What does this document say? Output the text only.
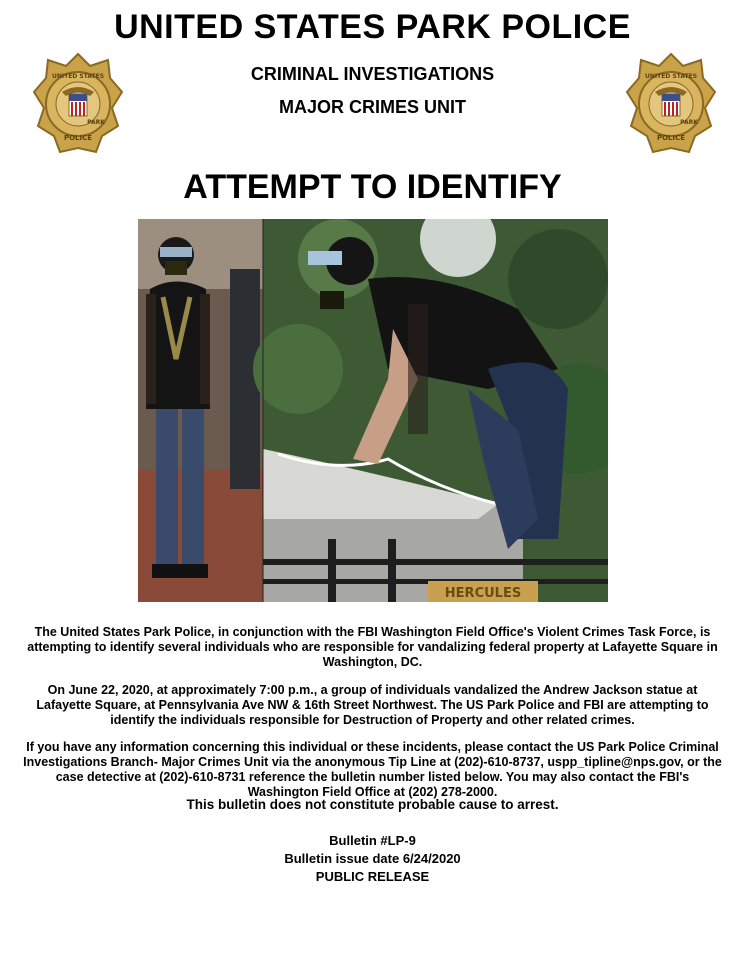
UNITED STATES PARK POLICE
CRIMINAL INVESTIGATIONS
MAJOR CRIMES UNIT
UNITED STATES
PARK
POLICE
UNITED STATES
PARK
POLICE
ATTEMPT TO IDENTIFY
HERCULES
The United States Park Police, in conjunction with the FBI Washington Field Office's Violent Crimes Task Force, is attempting to identify several individuals who are responsible for vandalizing federal property at Lafayette Square in Washington, DC.
On June 22, 2020, at approximately 7:00 p.m., a group of individuals vandalized the Andrew Jackson statue at Lafayette Square, at Pennsylvania Ave NW & 16th Street Northwest. The US Park Police and FBI are attempting to identify the individuals responsible for Destruction of Property and other related crimes.
If you have any information concerning this individual or these incidents, please contact the US Park Police Criminal Investigations Branch- Major Crimes Unit via the anonymous Tip Line at (202)-610-8737, uspp_tipline@nps.gov, or the case detective at (202)-610-8731 reference the bulletin number listed below. You may also contact the FBI's Washington Field Office at (202) 278-2000.
This bulletin does not constitute probable cause to arrest.
Bulletin #LP-9
Bulletin issue date 6/24/2020
PUBLIC RELEASE
